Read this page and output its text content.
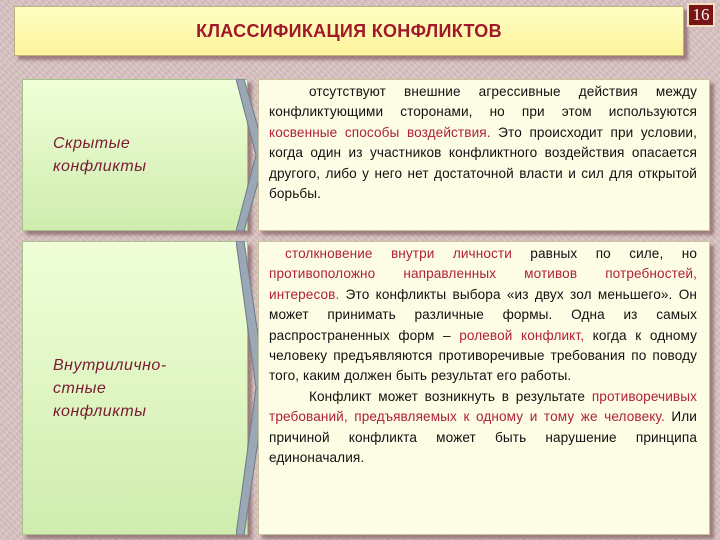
КЛАССИФИКАЦИЯ КОНФЛИКТОВ
16
Скрытые
конфликты

отсутствуют внешние агрессивные действия между конфликтующими сторонами, но при этом используются косвенные способы воздействия. Это происходит при условии, когда один из участников конфликтного воздействия опасается другого, либо у него нет достаточной власти и сил для открытой борьбы.

Внутрилично-
стные
конфликты

столкновение внутри личности равных по силе, но противоположно направленных мотивов потребностей, интересов. Это конфликты выбора «из двух зол меньшего». Он может принимать различные формы. Одна из самых распространенных форм – ролевой конфликт, когда к одному человеку предъявляются противоречивые требования по поводу того, каким должен быть результат его работы.

Конфликт может возникнуть в результате противоречивых требований, предъявляемых к одному и тому же человеку. Или причиной конфликта может быть нарушение принципа единоначалия.
